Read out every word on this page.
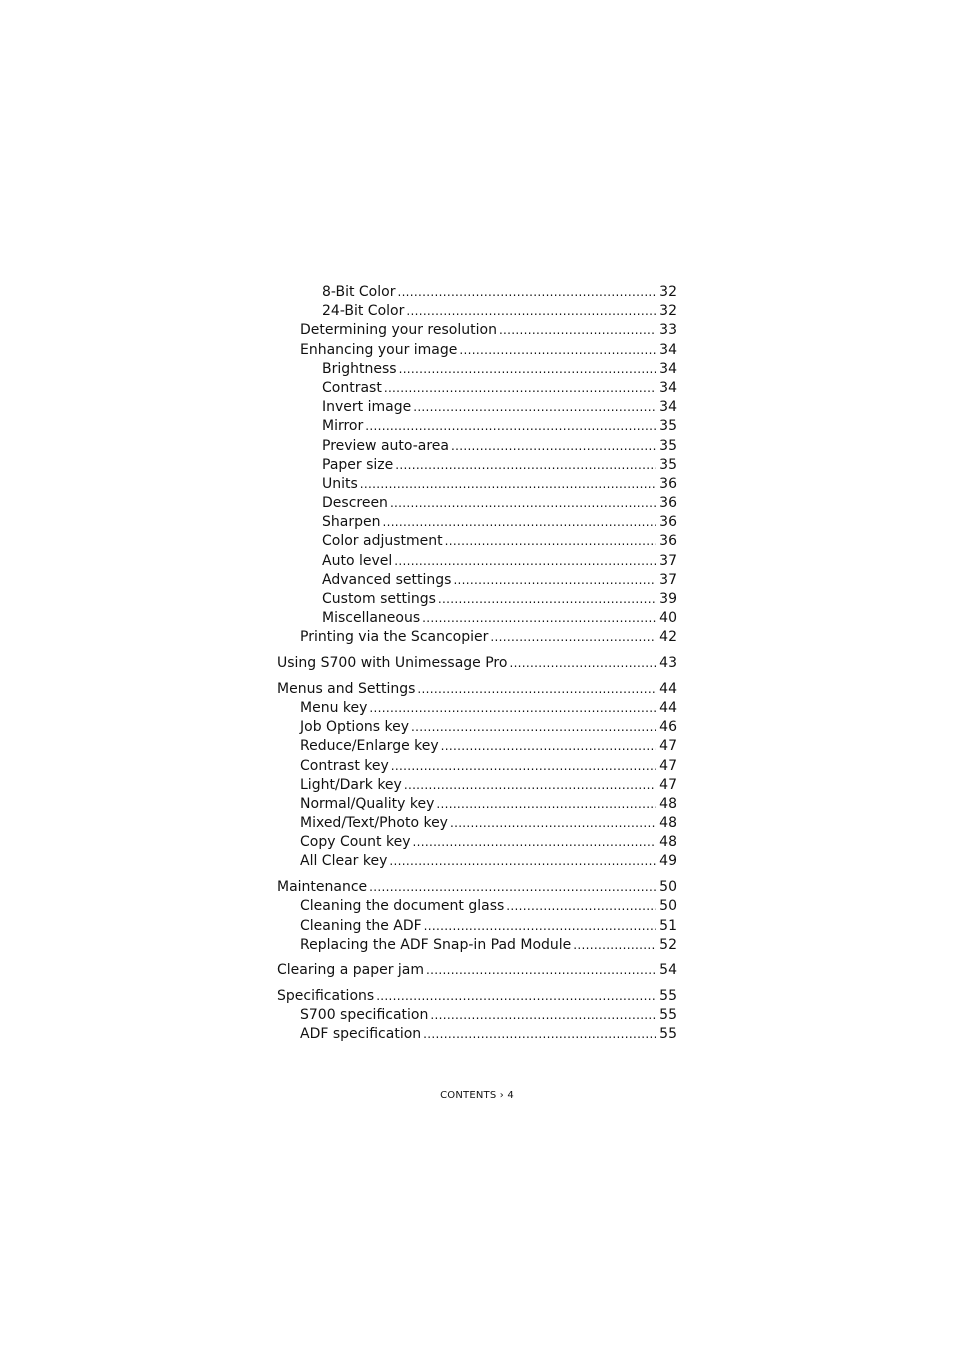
8-Bit Color .....	32
24-Bit Color .....	32
Determining your resolution .....	33
Enhancing your image .....	34
Brightness .....	34
Contrast .....	34
Invert image .....	34
Mirror .....	35
Preview auto-area .....	35
Paper size .....	35
Units .....	36
Descreen .....	36
Sharpen .....	36
Color adjustment .....	36
Auto level .....	37
Advanced settings .....	37
Custom settings .....	39
Miscellaneous .....	40
Printing via the Scancopier .....	42
Using S700 with Unimessage Pro .....	43
Menus and Settings .....	44
Menu key .....	44
Job Options key .....	46
Reduce/Enlarge key .....	47
Contrast key .....	47
Light/Dark key .....	47
Normal/Quality key .....	48
Mixed/Text/Photo key .....	48
Copy Count key .....	48
All Clear key .....	49
Maintenance .....	50
Cleaning the document glass .....	50
Cleaning the ADF .....	51
Replacing the ADF Snap-in Pad Module .....	52
Clearing a paper jam .....	54
Specifications .....	55
S700 specification .....	55
ADF specification .....	55
CONTENTS › 4
